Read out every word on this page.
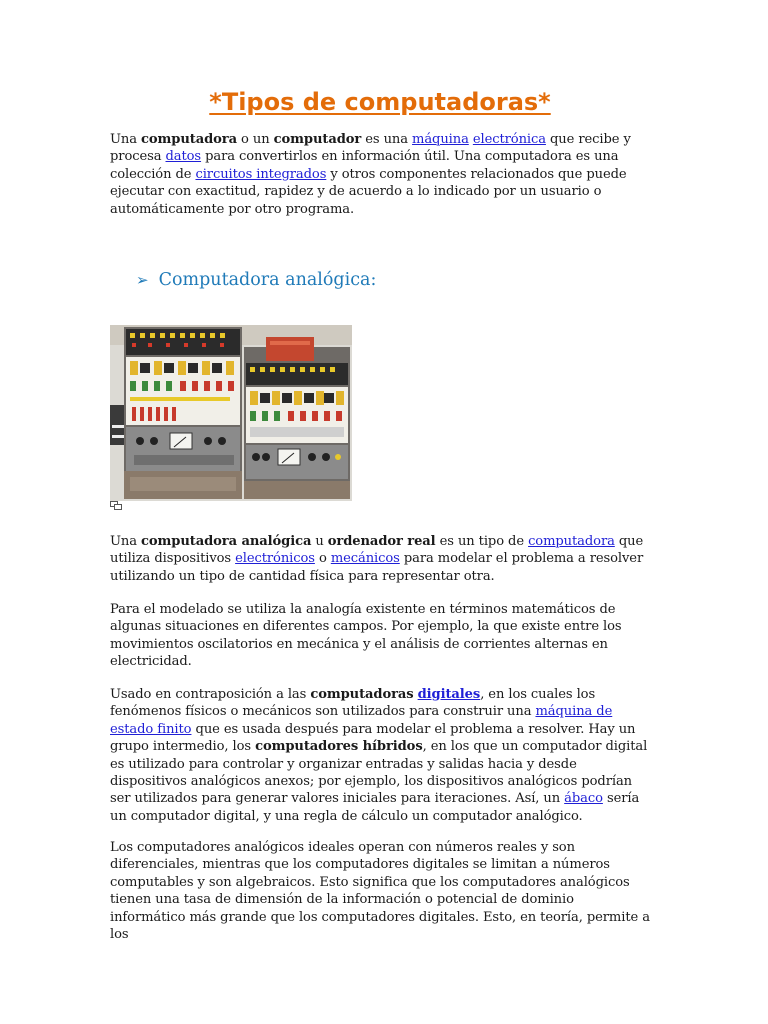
*Tipos de computadoras*

Una computadora o un computador es una máquina electrónica que recibe y procesa datos para convertirlos en información útil. Una computadora es una colección de circuitos integrados y otros componentes relacionados que puede ejecutar con exactitud, rapidez y de acuerdo a lo indicado por un usuario o automáticamente por otro programa.

➢ Computadora analógica:

Una computadora analógica u ordenador real es un tipo de computadora que utiliza dispositivos electrónicos o mecánicos para modelar el problema a resolver utilizando un tipo de cantidad física para representar otra.

Para el modelado se utiliza la analogía existente en términos matemáticos de algunas situaciones en diferentes campos. Por ejemplo, la que existe entre los movimientos oscilatorios en mecánica y el análisis de corrientes alternas en electricidad.

Usado en contraposición a las computadoras digitales, en los cuales los fenómenos físicos o mecánicos son utilizados para construir una máquina de estado finito que es usada después para modelar el problema a resolver. Hay un grupo intermedio, los computadores híbridos, en los que un computador digital es utilizado para controlar y organizar entradas y salidas hacia y desde dispositivos analógicos anexos; por ejemplo, los dispositivos analógicos podrían ser utilizados para generar valores iniciales para iteraciones. Así, un ábaco sería un computador digital, y una regla de cálculo un computador analógico.

Los computadores analógicos ideales operan con números reales y son diferenciales, mientras que los computadores digitales se limitan a números computables y son algebraicos. Esto significa que los computadores analógicos tienen una tasa de dimensión de la información o potencial de dominio informático más grande que los computadores digitales. Esto, en teoría, permite a los
